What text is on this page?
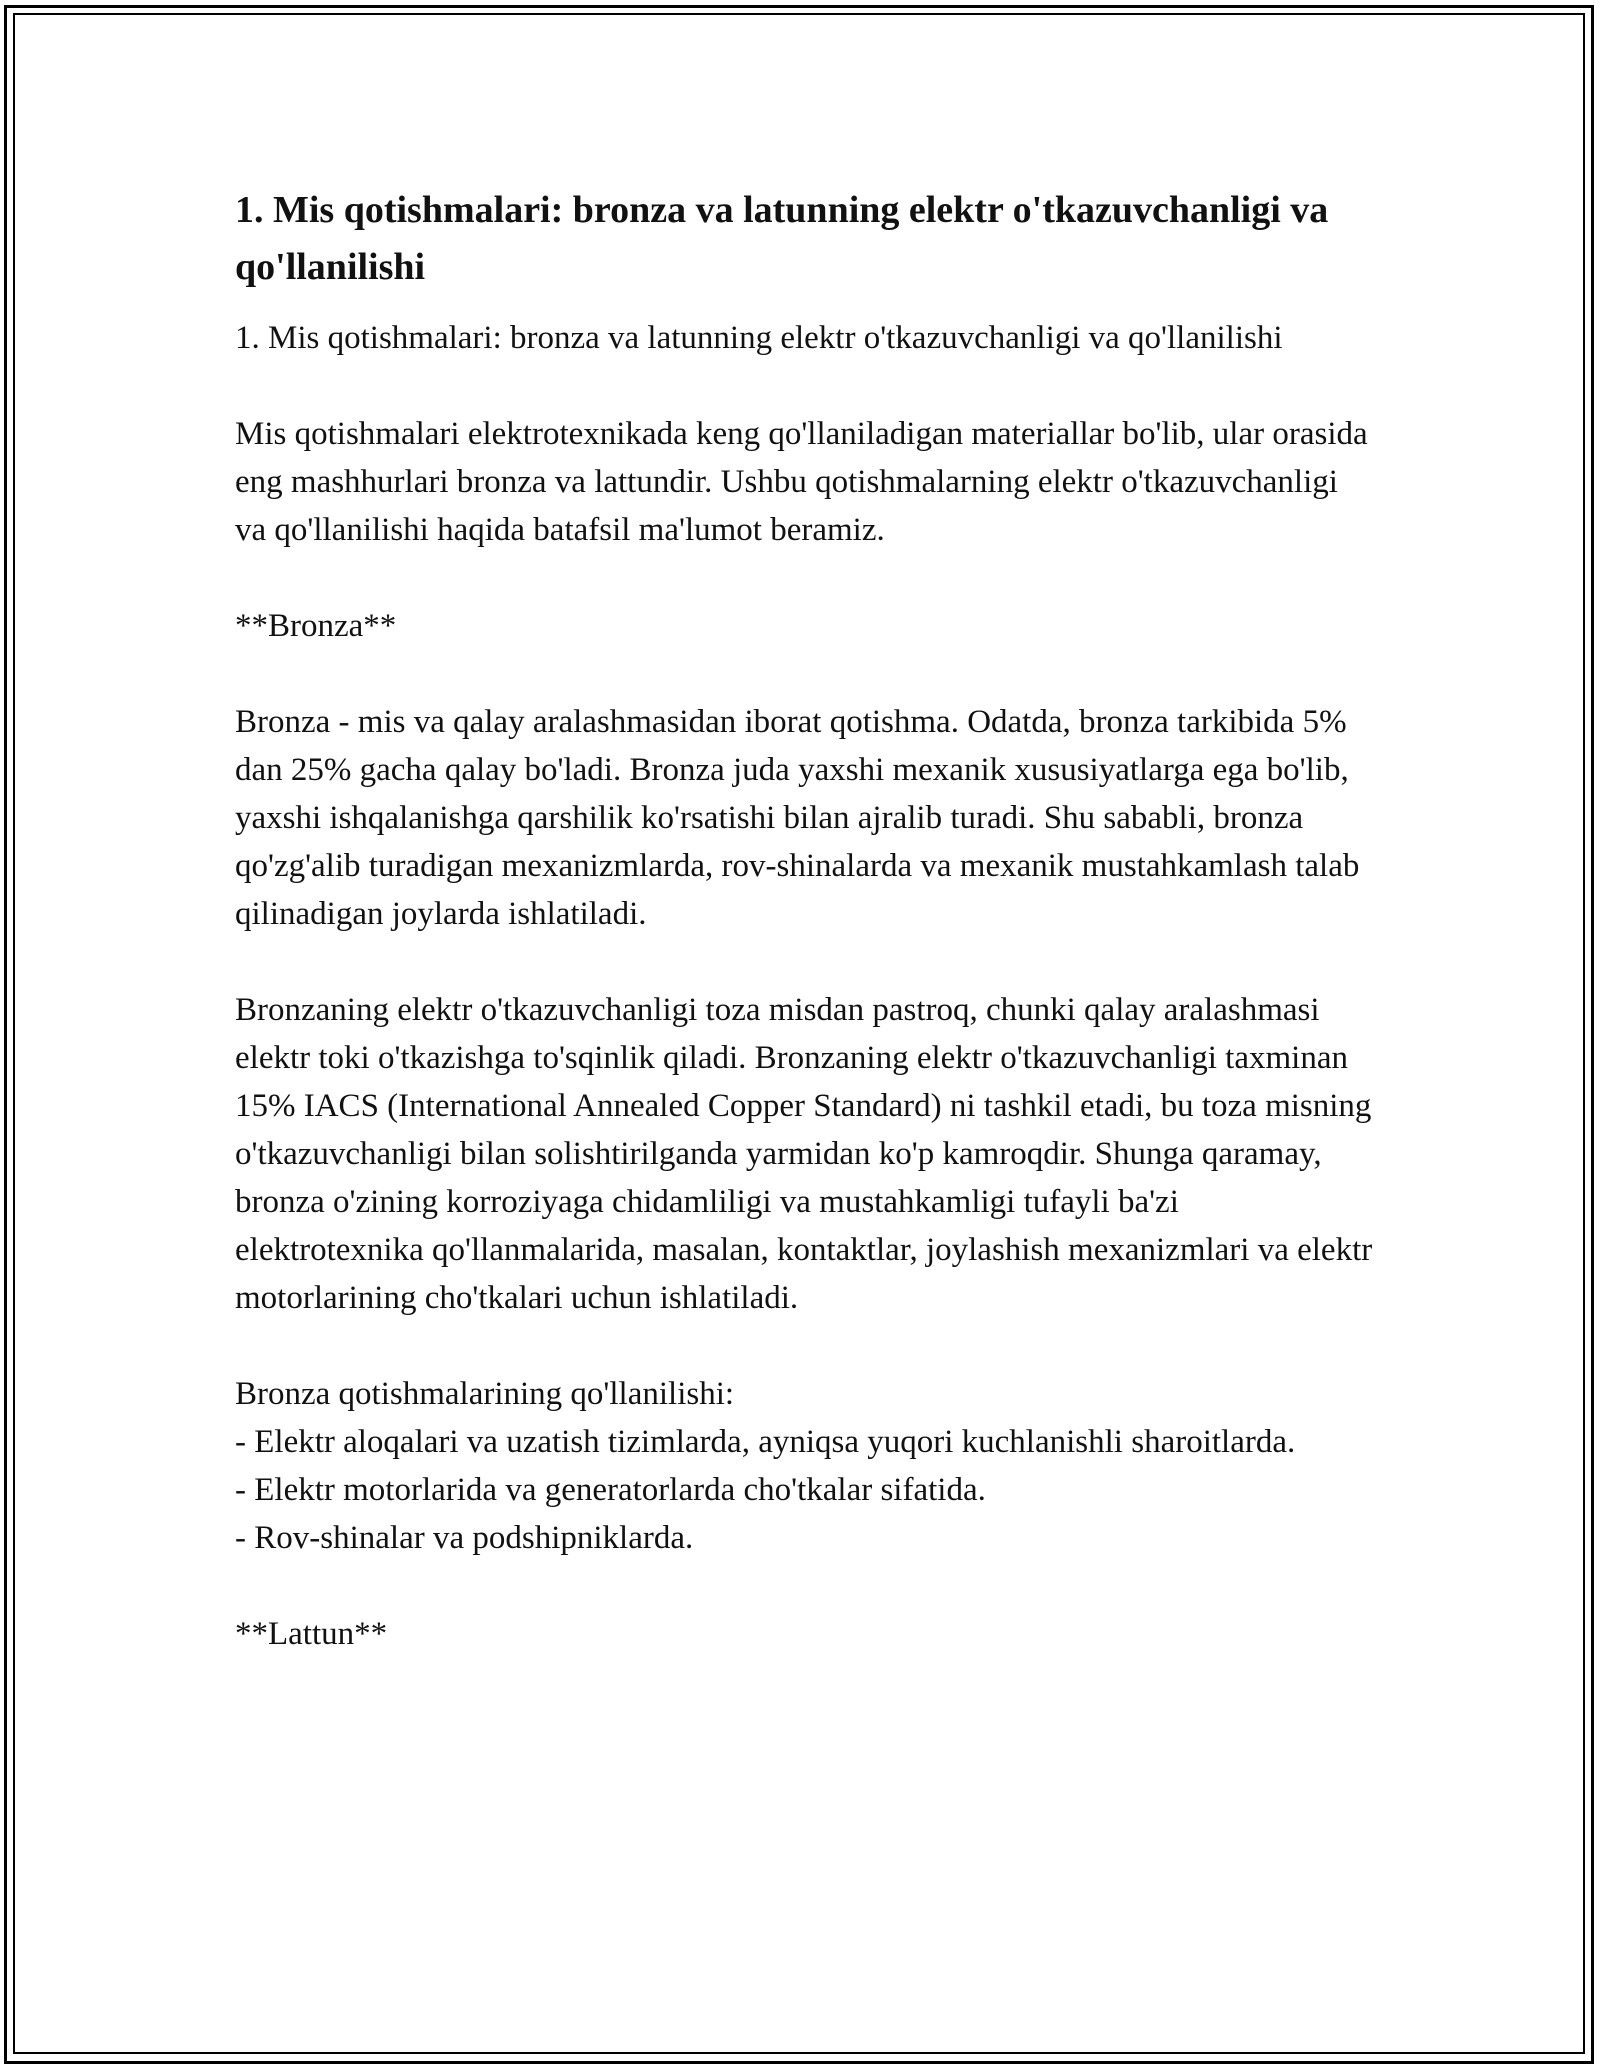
1. Mis qotishmalari: bronza va latunning elektr o'tkazuvchanligi va qo'llanilishi

1. Mis qotishmalari: bronza va latunning elektr o'tkazuvchanligi va qo'llanilishi

Mis qotishmalari elektrotexnikada keng qo'llaniladigan materiallar bo'lib, ular orasida eng mashhurlari bronza va lattundir. Ushbu qotishmalarning elektr o'tkazuvchanligi va qo'llanilishi haqida batafsil ma'lumot beramiz.

**Bronza**

Bronza - mis va qalay aralashmasidan iborat qotishma. Odatda, bronza tarkibida 5% dan 25% gacha qalay bo'ladi. Bronza juda yaxshi mexanik xususiyatlarga ega bo'lib, yaxshi ishqalanishga qarshilik ko'rsatishi bilan ajralib turadi. Shu sababli, bronza qo'zg'alib turadigan mexanizmlarda, rov-shinalarda va mexanik mustahkamlash talab qilinadigan joylarda ishlatiladi.

Bronzaning elektr o'tkazuvchanligi toza misdan pastroq, chunki qalay aralashmasi elektr toki o'tkazishga to'sqinlik qiladi. Bronzaning elektr o'tkazuvchanligi taxminan 15% IACS (International Annealed Copper Standard) ni tashkil etadi, bu toza misning o'tkazuvchanligi bilan solishtirilganda yarmidan ko'p kamroqdir. Shunga qaramay, bronza o'zining korroziyaga chidamliligi va mustahkamligi tufayli ba'zi elektrotexnika qo'llanmalarida, masalan, kontaktlar, joylashish mexanizmlari va elektr motorlarining cho'tkalari uchun ishlatiladi.

Bronza qotishmalarining qo'llanilishi:

- Elektr aloqalari va uzatish tizimlarda, ayniqsa yuqori kuchlanishli sharoitlarda.

- Elektr motorlarida va generatorlarda cho'tkalar sifatida.

- Rov-shinalar va podshipniklarda.

**Lattun**
